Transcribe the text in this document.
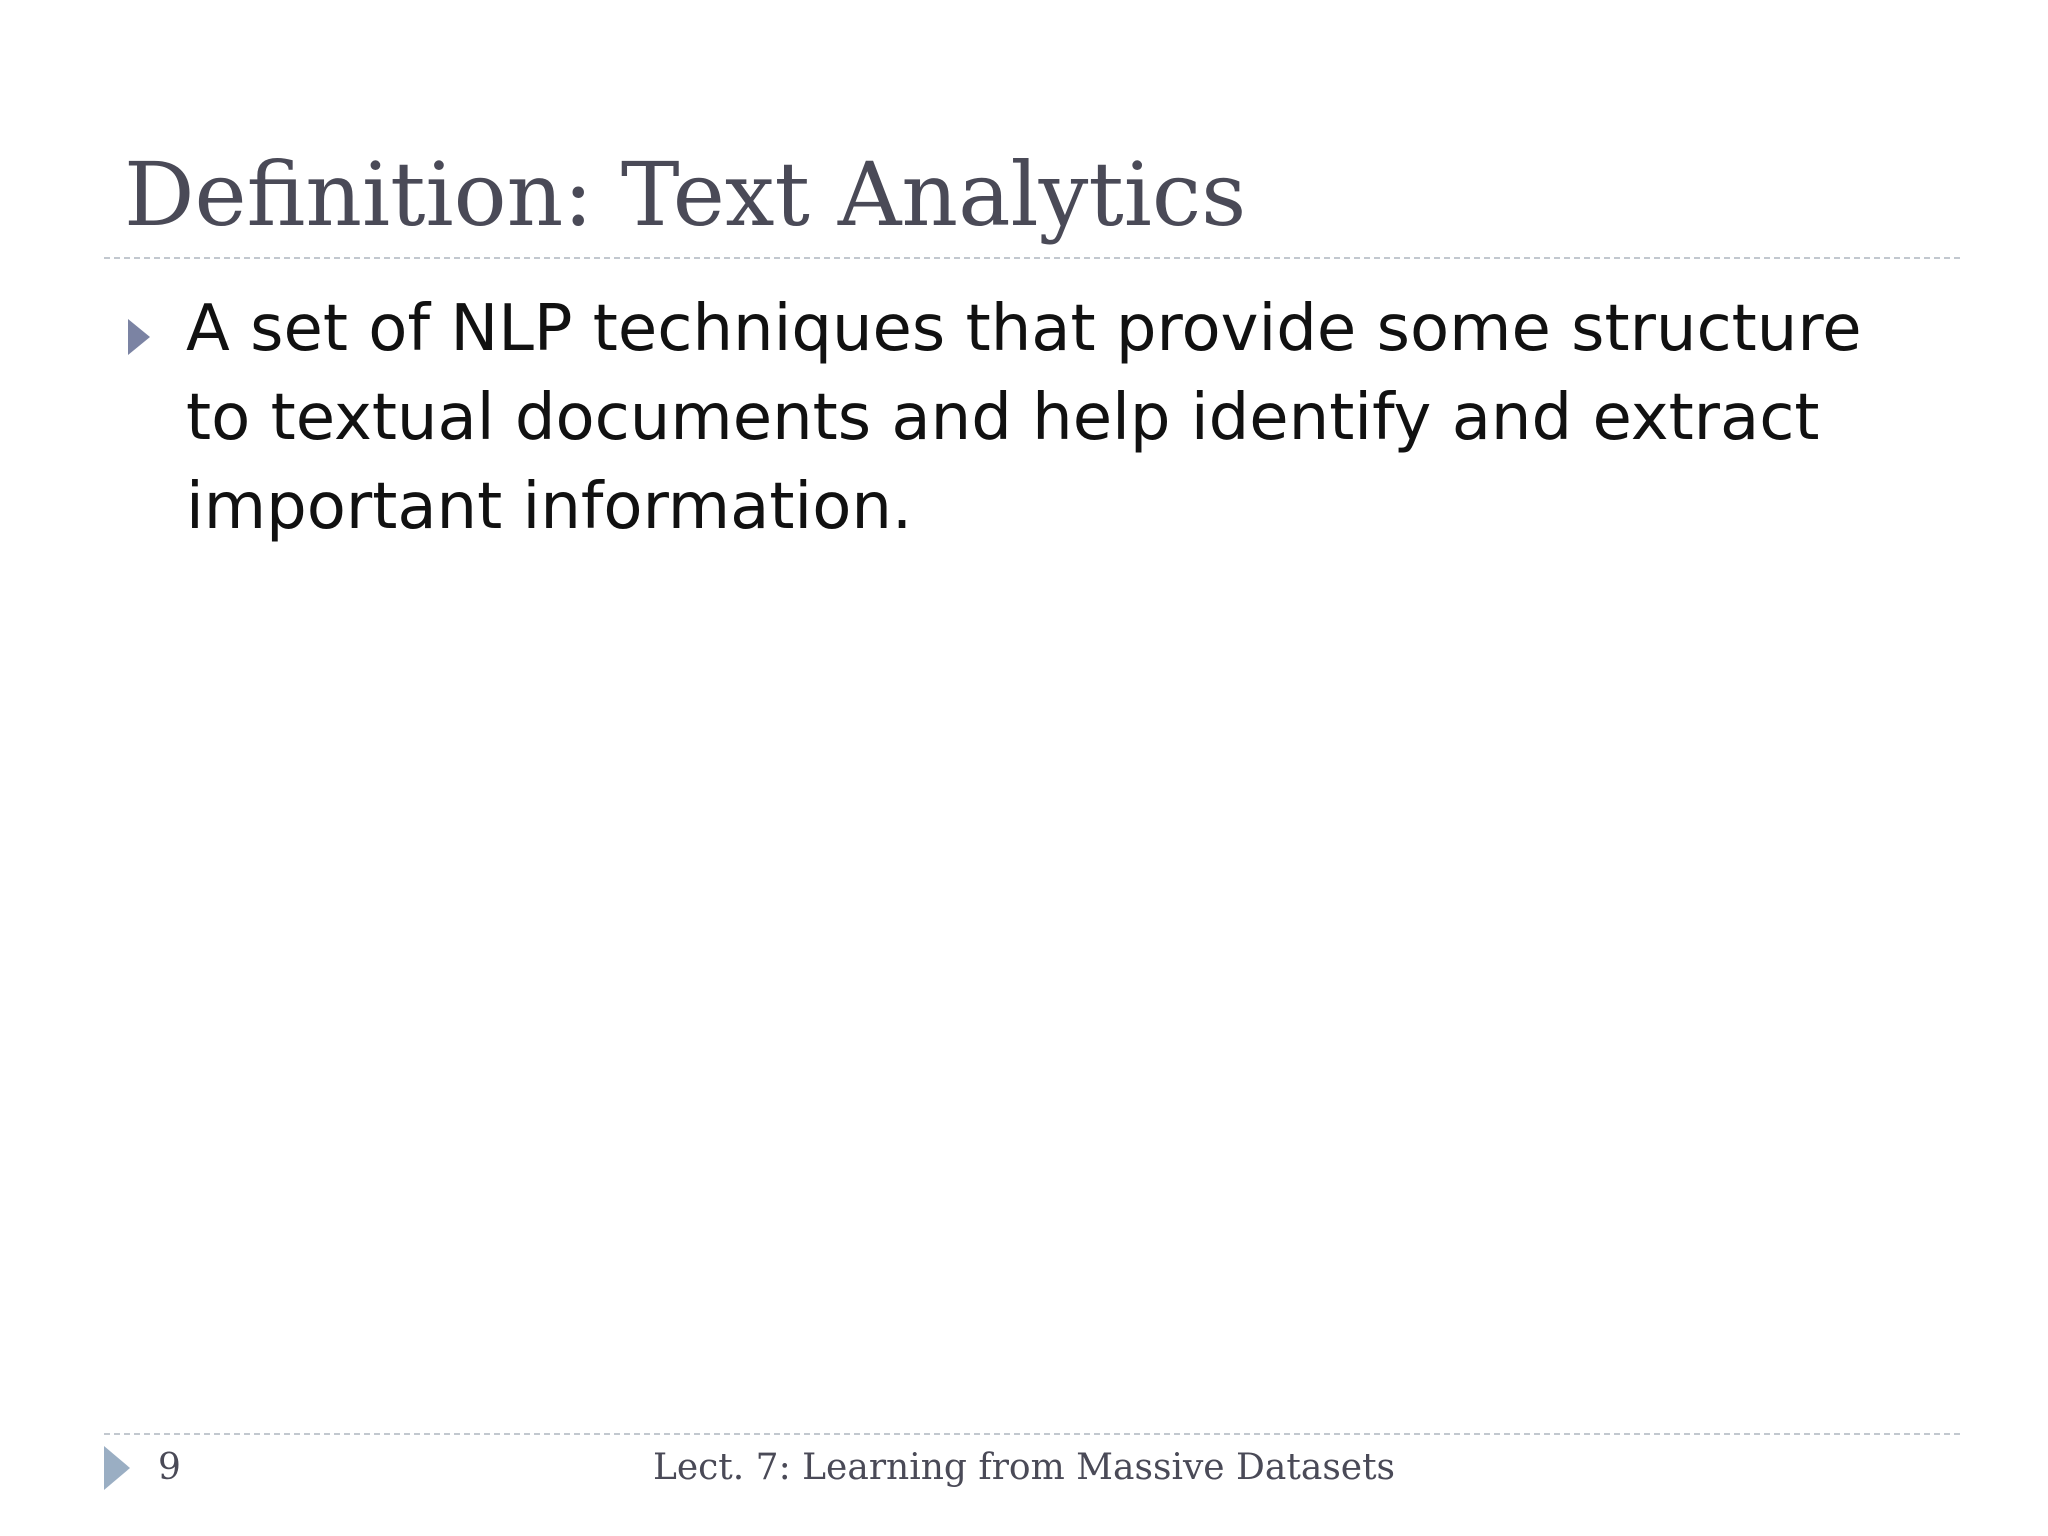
Definition: Text Analytics
A set of NLP techniques that provide some structure to textual documents and help identify and extract important information.
9	Lect. 7: Learning from Massive Datasets
